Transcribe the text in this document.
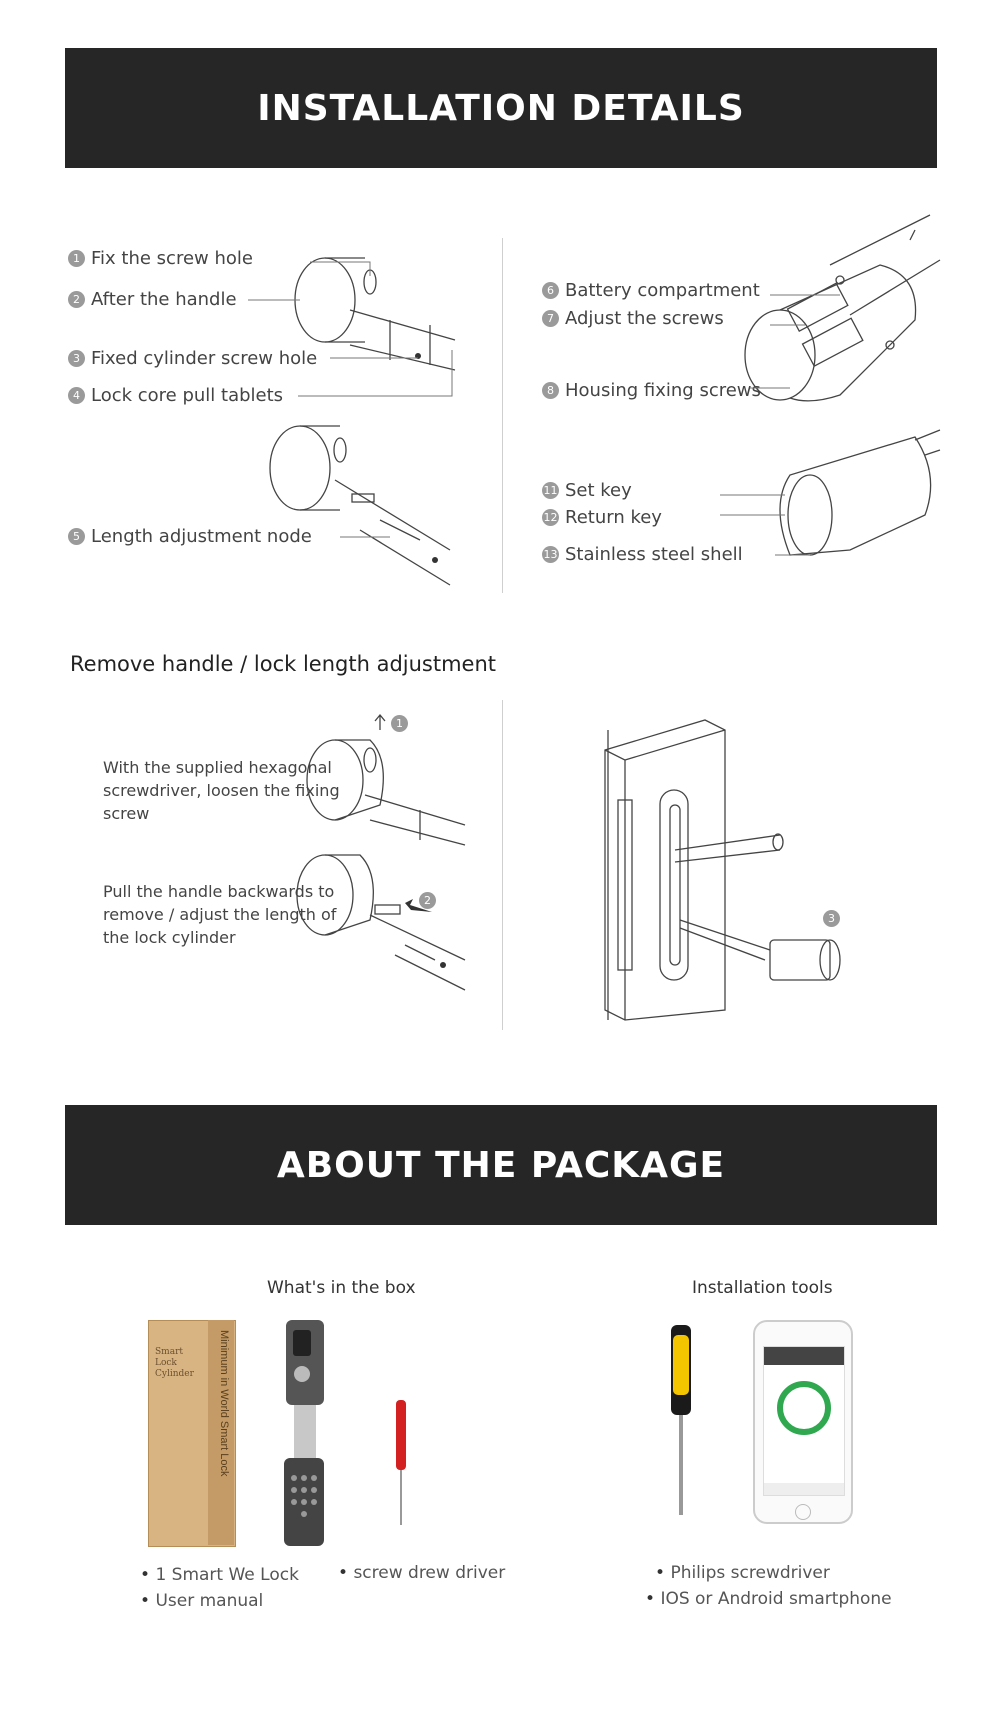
INSTALLATION DETAILS
1 Fix the screw hole
2 After the handle
3 Fixed cylinder screw hole
4 Lock core pull tablets
5 Length adjustment node
6 Battery compartment
7 Adjust the screws
8 Housing fixing screws
11 Set key
12 Return key
13 Stainless steel shell
Remove handle / lock length adjustment
With the supplied hexagonal screwdriver, loosen the fixing screw
Pull the handle backwards to remove / adjust the length of the lock cylinder
1
2
3
ABOUT THE PACKAGE
What's in the box	Installation tools
Smart Lock Cylinder Minimum in World Smart Lock
• 1 Smart We Lock
• User manual
• screw drew driver
•	Philips screwdriver
• IOS or Android smartphone
